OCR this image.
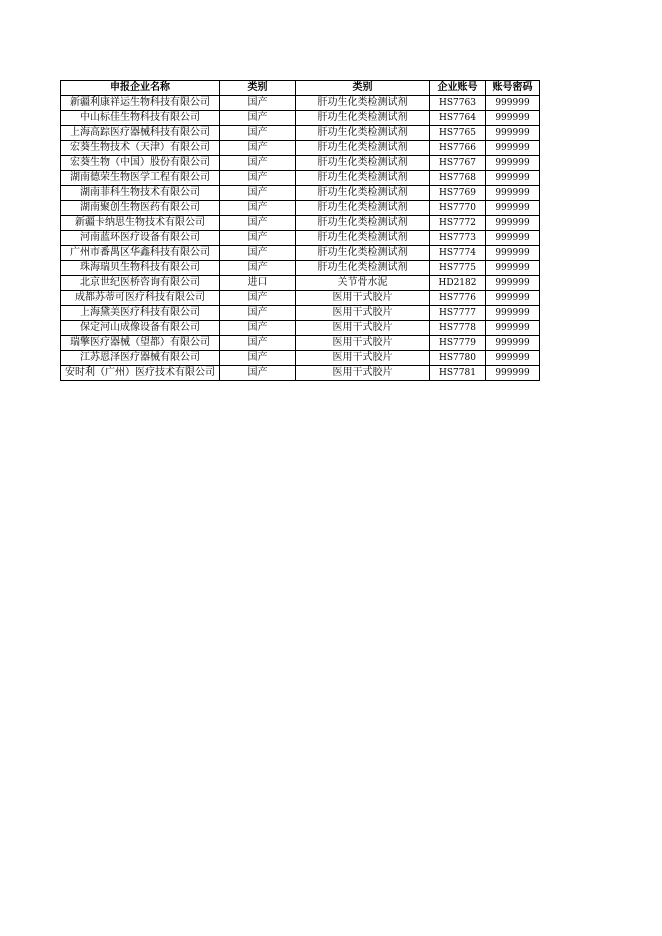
申报企业名称	类别	类别	企业账号	账号密码
新疆利康祥运生物科技有限公司	国产	肝功生化类检测试剂	HS7763	999999
中山标佳生物科技有限公司	国产	肝功生化类检测试剂	HS7764	999999
上海高踪医疗器械科技有限公司	国产	肝功生化类检测试剂	HS7765	999999
宏葵生物技术（天津）有限公司	国产	肝功生化类检测试剂	HS7766	999999
宏葵生物（中国）股份有限公司	国产	肝功生化类检测试剂	HS7767	999999
湖南德荣生物医学工程有限公司	国产	肝功生化类检测试剂	HS7768	999999
湖南菲科生物技术有限公司	国产	肝功生化类检测试剂	HS7769	999999
湖南聚创生物医药有限公司	国产	肝功生化类检测试剂	HS7770	999999
新疆卡纳思生物技术有限公司	国产	肝功生化类检测试剂	HS7772	999999
河南蓝环医疗设备有限公司	国产	肝功生化类检测试剂	HS7773	999999
广州市番禺区华鑫科技有限公司	国产	肝功生化类检测试剂	HS7774	999999
珠海瑞贝生物科技有限公司	国产	肝功生化类检测试剂	HS7775	999999
北京世纪医桥咨询有限公司	进口	关节骨水泥	HD2182	999999
成都苏蒂可医疗科技有限公司	国产	医用干式胶片	HS7776	999999
上海黛美医疗科技有限公司	国产	医用干式胶片	HS7777	999999
保定河山成像设备有限公司	国产	医用干式胶片	HS7778	999999
瑞擎医疗器械（望都）有限公司	国产	医用干式胶片	HS7779	999999
江苏恩泽医疗器械有限公司	国产	医用干式胶片	HS7780	999999
安时利（广州）医疗技术有限公司	国产	医用干式胶片	HS7781	999999
